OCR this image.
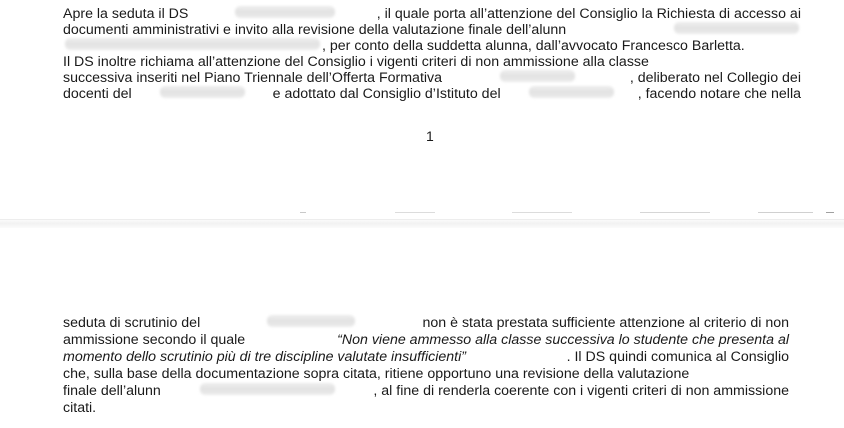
Apre la seduta il DS	, il quale porta all’attenzione del Consiglio la Richiesta di accesso ai
documenti amministrativi e invito alla revisione della valutazione finale dell’alunn
, per conto della suddetta alunna, dall’avvocato Francesco Barletta.
Il DS inoltre richiama all’attenzione del Consiglio i vigenti criteri di non ammissione alla classe
successiva inseriti nel Piano Triennale dell’Offerta Formativa	, deliberato nel Collegio dei
docenti del	e adottato dal Consiglio d’Istituto del	, facendo notare che nella
1
seduta di scrutinio del	non è stata prestata sufficiente attenzione al criterio di non
ammissione secondo il quale	“Non viene ammesso alla classe successiva lo studente che presenta al
momento dello scrutinio più di tre discipline valutate insufficienti”	. Il DS quindi comunica al Consiglio
che, sulla base della documentazione sopra citata, ritiene opportuno una revisione della valutazione
finale dell’alunn	, al fine di renderla coerente con i vigenti criteri di non ammissione
citati.
